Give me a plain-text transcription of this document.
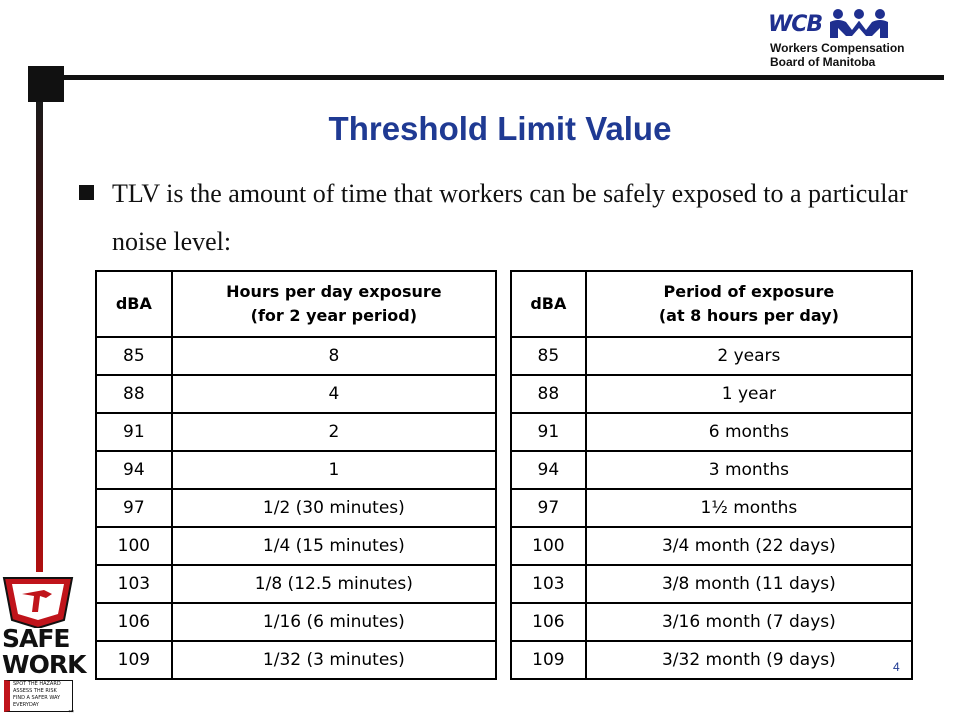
WCB
Workers Compensation
Board of Manitoba
Threshold Limit Value
TLV is the amount of time that workers can be safely exposed to a particular noise level:
dBA	Hours per day exposure
(for 2 year period)

85	8
88	4
91	2
94	1
97	1/2 (30 minutes)
100	1/4 (15 minutes)
103	1/8 (12.5 minutes)
106	1/16 (6 minutes)
109	1/32 (3 minutes)
dBA	Period of exposure
(at 8 hours per day)

85	2 years
88	1 year
91	6 months
94	3 months
97	1½ months
100	3/4 month (22 days)
103	3/8 month (11 days)
106	3/16 month (7 days)
109	3/32 month (9 days)
SAFE
WORK
SPOT THE HAZARD
ASSESS THE RISK
FIND A SAFER WAY
EVERYDAY
™
4
